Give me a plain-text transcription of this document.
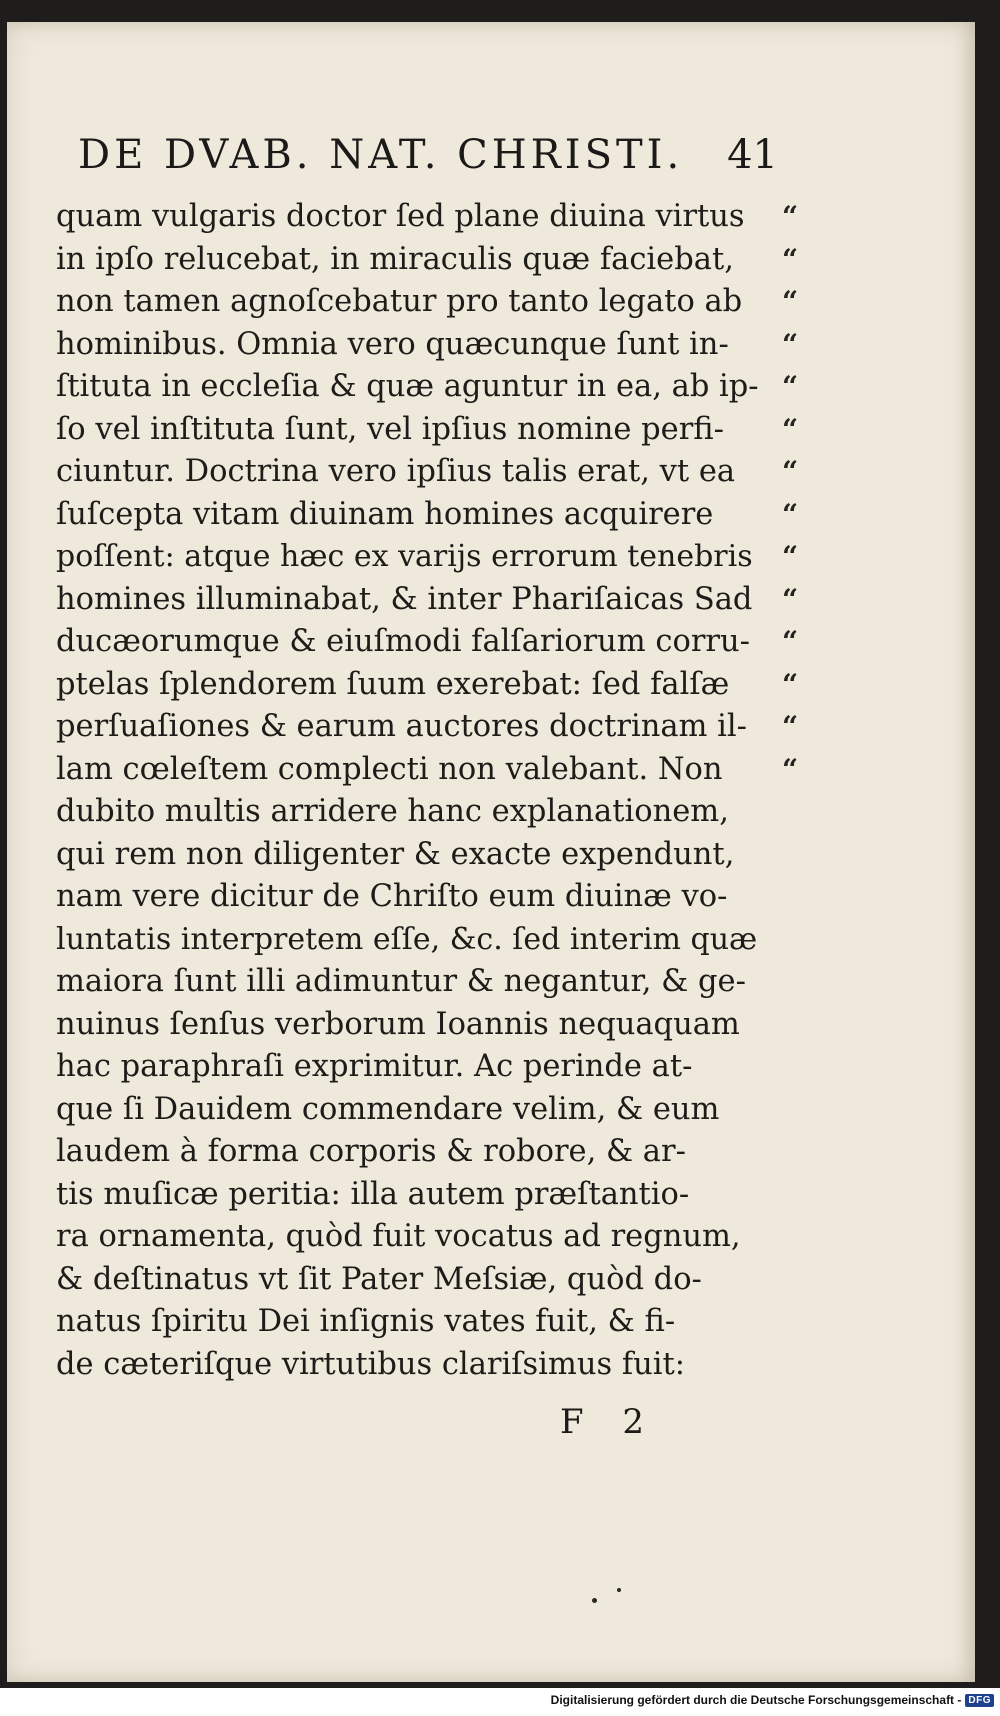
DE DVAB. NAT. CHRISTI. 41
quam vulgaris doctor ſed plane diuina virtus
in ipſo relucebat, in miraculis quæ faciebat,
non tamen agnoſcebatur pro tanto legato ab
hominibus. Omnia vero quæcunque ſunt in-
ſtituta in eccleſia & quæ aguntur in ea, ab ip-
ſo vel inſtituta ſunt, vel ipſius nomine perfi-
ciuntur. Doctrina vero ipſius talis erat, vt ea
ſuſcepta vitam diuinam homines acquirere
poſſent: atque hæc ex varijs errorum tenebris
homines illuminabat, & inter Phariſaicas Sad
ducæorumque & eiuſmodi falſariorum corru-
ptelas ſplendorem ſuum exerebat: ſed falſæ
perſuaſiones & earum auctores doctrinam il-
lam cœleſtem complecti non valebant. Non
dubito multis arridere hanc explanationem,
qui rem non diligenter & exacte expendunt,
nam vere dicitur de Chriſto eum diuinæ vo-
luntatis interpretem eſſe, &c. ſed interim quæ
maiora ſunt illi adimuntur & negantur, & ge-
nuinus ſenſus verborum Ioannis nequaquam
hac paraphraſi exprimitur. Ac perinde at-
que ſi Dauidem commendare velim, & eum
laudem à forma corporis & robore, & ar-
tis muſicæ peritia: illa autem præſtantio-
ra ornamenta, quòd fuit vocatus ad regnum,
& deſtinatus vt ſit Pater Meſsiæ, quòd do-
natus ſpiritu Dei inſignis vates fuit, & fi-
de cæteriſque virtutibus clariſsimus fuit:
“
“
“
“
“
“
“
“
“
“
“
“
“
“
F 2
Digitalisierung gefördert durch die Deutsche Forschungsgemeinschaft - DFG
